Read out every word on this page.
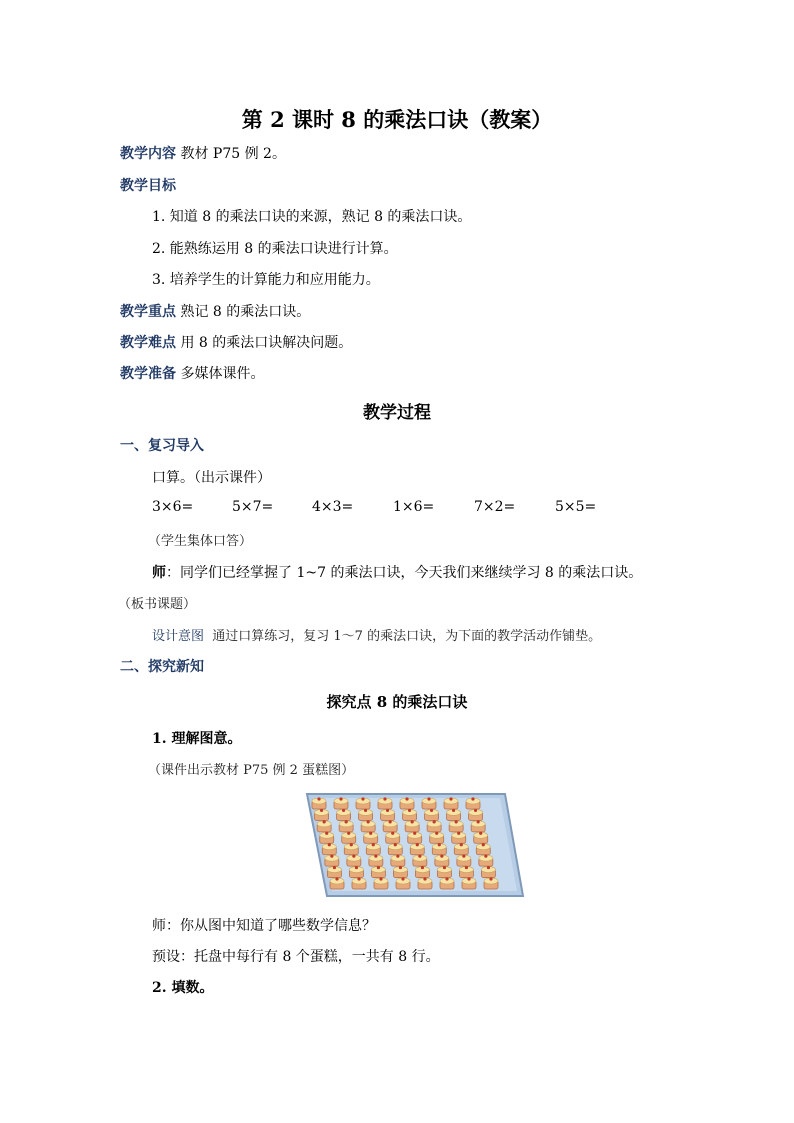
第 2 课时 8 的乘法口诀（教案）
教学内容 教材 P75 例 2。
教学目标
1. 知道 8 的乘法口诀的来源，熟记 8 的乘法口诀。
2. 能熟练运用 8 的乘法口诀进行计算。
3. 培养学生的计算能力和应用能力。
教学重点 熟记 8 的乘法口诀。
教学难点 用 8 的乘法口诀解决问题。
教学准备 多媒体课件。
教学过程
一、复习导入
口算。（出示课件）
3×6=	5×7=	4×3=	1×6=	7×2=	5×5=
（学生集体口答）
师：同学们已经掌握了 1~7 的乘法口诀，今天我们来继续学习 8 的乘法口诀。
（板书课题）
设计意图 通过口算练习，复习 1～7 的乘法口诀，为下面的教学活动作铺垫。
二、探究新知
探究点 8 的乘法口诀
1. 理解图意。
（课件出示教材 P75 例 2 蛋糕图）
师：你从图中知道了哪些数学信息？
预设：托盘中每行有 8 个蛋糕，一共有 8 行。
2. 填数。
